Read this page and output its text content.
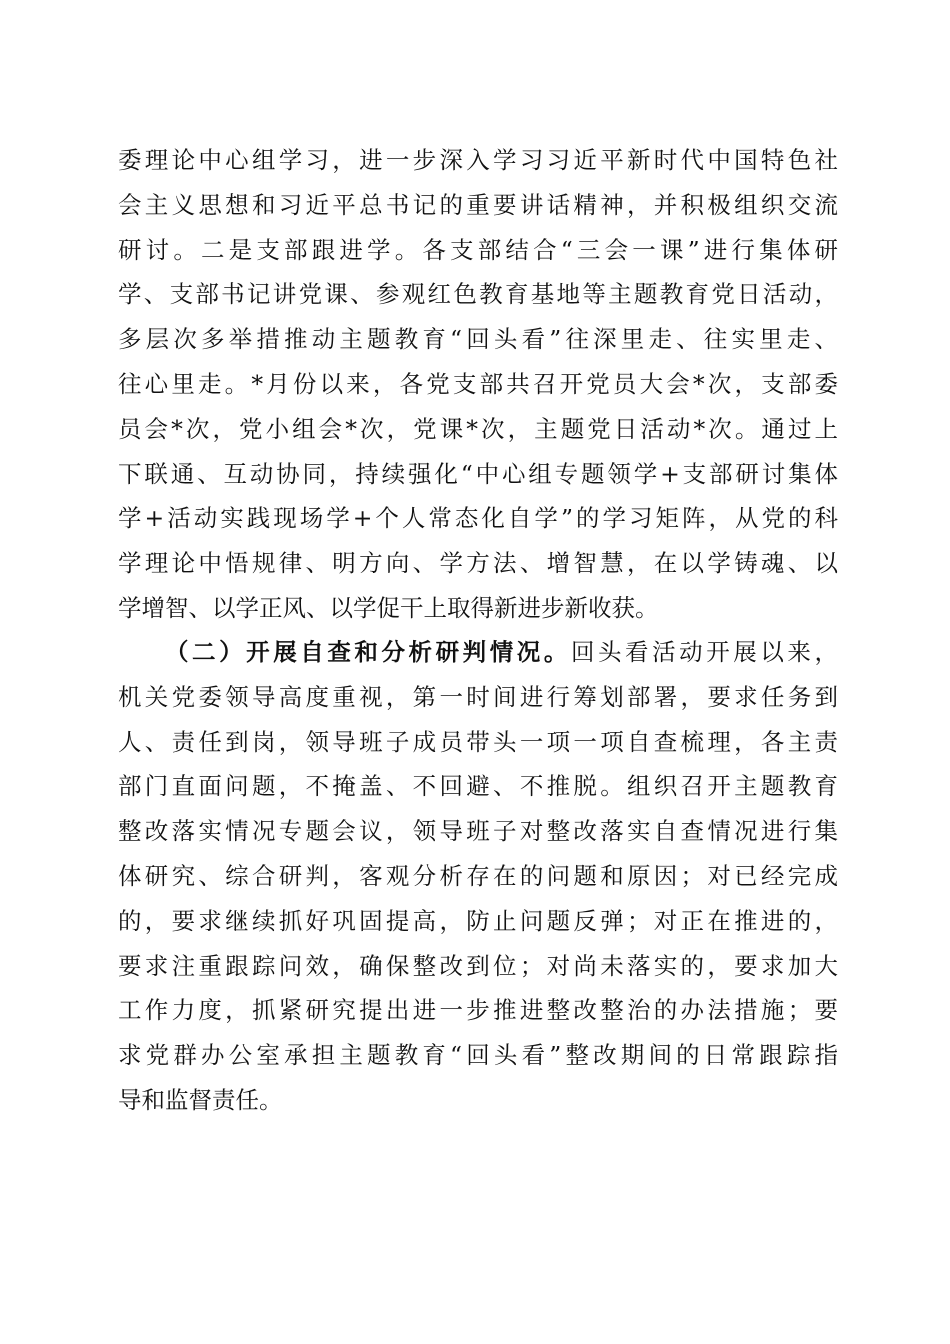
委理论中心组学习，进一步深入学习习近平新时代中国特色社
会主义思想和习近平总书记的重要讲话精神，并积极组织交流
研讨。二是支部跟进学。各支部结合“三会一课”进行集体研
学、支部书记讲党课、参观红色教育基地等主题教育党日活动，
多层次多举措推动主题教育“回头看”往深里走、往实里走、
往心里走。*月份以来，各党支部共召开党员大会*次，支部委
员会*次，党小组会*次，党课*次，主题党日活动*次。通过上
下联通、互动协同，持续强化“中心组专题领学+支部研讨集体
学+活动实践现场学+个人常态化自学”的学习矩阵，从党的科
学理论中悟规律、明方向、学方法、增智慧，在以学铸魂、以
学增智、以学正风、以学促干上取得新进步新收获。
（二）开展自查和分析研判情况。回头看活动开展以来，
机关党委领导高度重视，第一时间进行筹划部署，要求任务到
人、责任到岗，领导班子成员带头一项一项自查梳理，各主责
部门直面问题，不掩盖、不回避、不推脱。组织召开主题教育
整改落实情况专题会议，领导班子对整改落实自查情况进行集
体研究、综合研判，客观分析存在的问题和原因；对已经完成
的，要求继续抓好巩固提高，防止问题反弹；对正在推进的，
要求注重跟踪问效，确保整改到位；对尚未落实的，要求加大
工作力度，抓紧研究提出进一步推进整改整治的办法措施；要
求党群办公室承担主题教育“回头看”整改期间的日常跟踪指
导和监督责任。
